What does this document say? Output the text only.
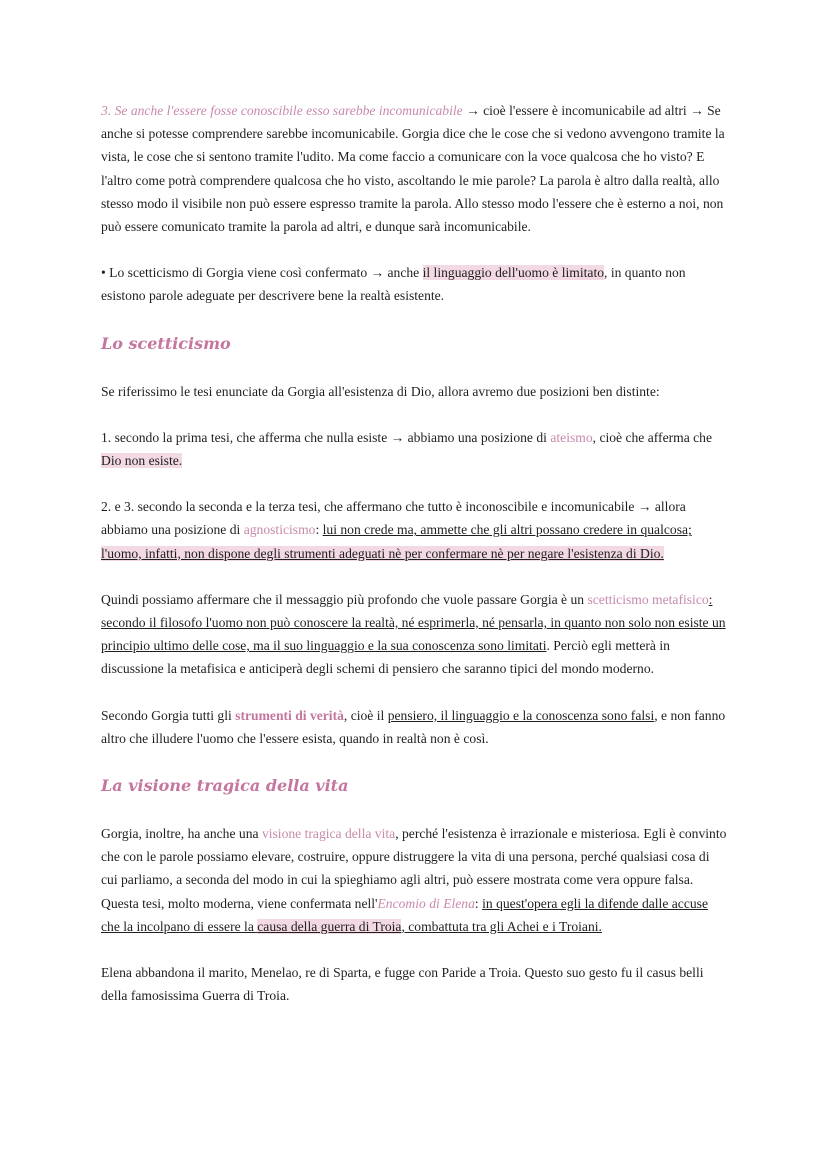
3. Se anche l'essere fosse conoscibile esso sarebbe incomunicabile → cioè l'essere è incomunicabile ad altri → Se anche si potesse comprendere sarebbe incomunicabile. Gorgia dice che le cose che si vedono avvengono tramite la vista, le cose che si sentono tramite l'udito. Ma come faccio a comunicare con la voce qualcosa che ho visto? E l'altro come potrà comprendere qualcosa che ho visto, ascoltando le mie parole? La parola è altro dalla realtà, allo stesso modo il visibile non può essere espresso tramite la parola. Allo stesso modo l'essere che è esterno a noi, non può essere comunicato tramite la parola ad altri, e dunque sarà incomunicabile.

• Lo scetticismo di Gorgia viene così confermato → anche il linguaggio dell'uomo è limitato, in quanto non esistono parole adeguate per descrivere bene la realtà esistente.

Lo scetticismo

Se riferissimo le tesi enunciate da Gorgia all'esistenza di Dio, allora avremo due posizioni ben distinte:

1. secondo la prima tesi, che afferma che nulla esiste → abbiamo una posizione di ateismo, cioè che afferma che Dio non esiste.

2. e 3. secondo la seconda e la terza tesi, che affermano che tutto è inconoscibile e incomunicabile → allora abbiamo una posizione di agnosticismo: lui non crede ma, ammette che gli altri possano credere in qualcosa; l'uomo, infatti, non dispone degli strumenti adeguati nè per confermare nè per negare l'esistenza di Dio.

Quindi possiamo affermare che il messaggio più profondo che vuole passare Gorgia è un scetticismo metafisico: secondo il filosofo l'uomo non può conoscere la realtà, né esprimerla, né pensarla, in quanto non solo non esiste un principio ultimo delle cose, ma il suo linguaggio e la sua conoscenza sono limitati. Perciò egli metterà in discussione la metafisica e anticiperà degli schemi di pensiero che saranno tipici del mondo moderno.

Secondo Gorgia tutti gli strumenti di verità, cioè il pensiero, il linguaggio e la conoscenza sono falsi, e non fanno altro che illudere l'uomo che l'essere esista, quando in realtà non è così.

La visione tragica della vita

Gorgia, inoltre, ha anche una visione tragica della vita, perché l'esistenza è irrazionale e misteriosa. Egli è convinto che con le parole possiamo elevare, costruire, oppure distruggere la vita di una persona, perché qualsiasi cosa di cui parliamo, a seconda del modo in cui la spieghiamo agli altri, può essere mostrata come vera oppure falsa. Questa tesi, molto moderna, viene confermata nell'Encomio di Elena: in quest'opera egli la difende dalle accuse che la incolpano di essere la causa della guerra di Troia, combattuta tra gli Achei e i Troiani.

Elena abbandona il marito, Menelao, re di Sparta, e fugge con Paride a Troia. Questo suo gesto fu il casus belli della famosissima Guerra di Troia.
